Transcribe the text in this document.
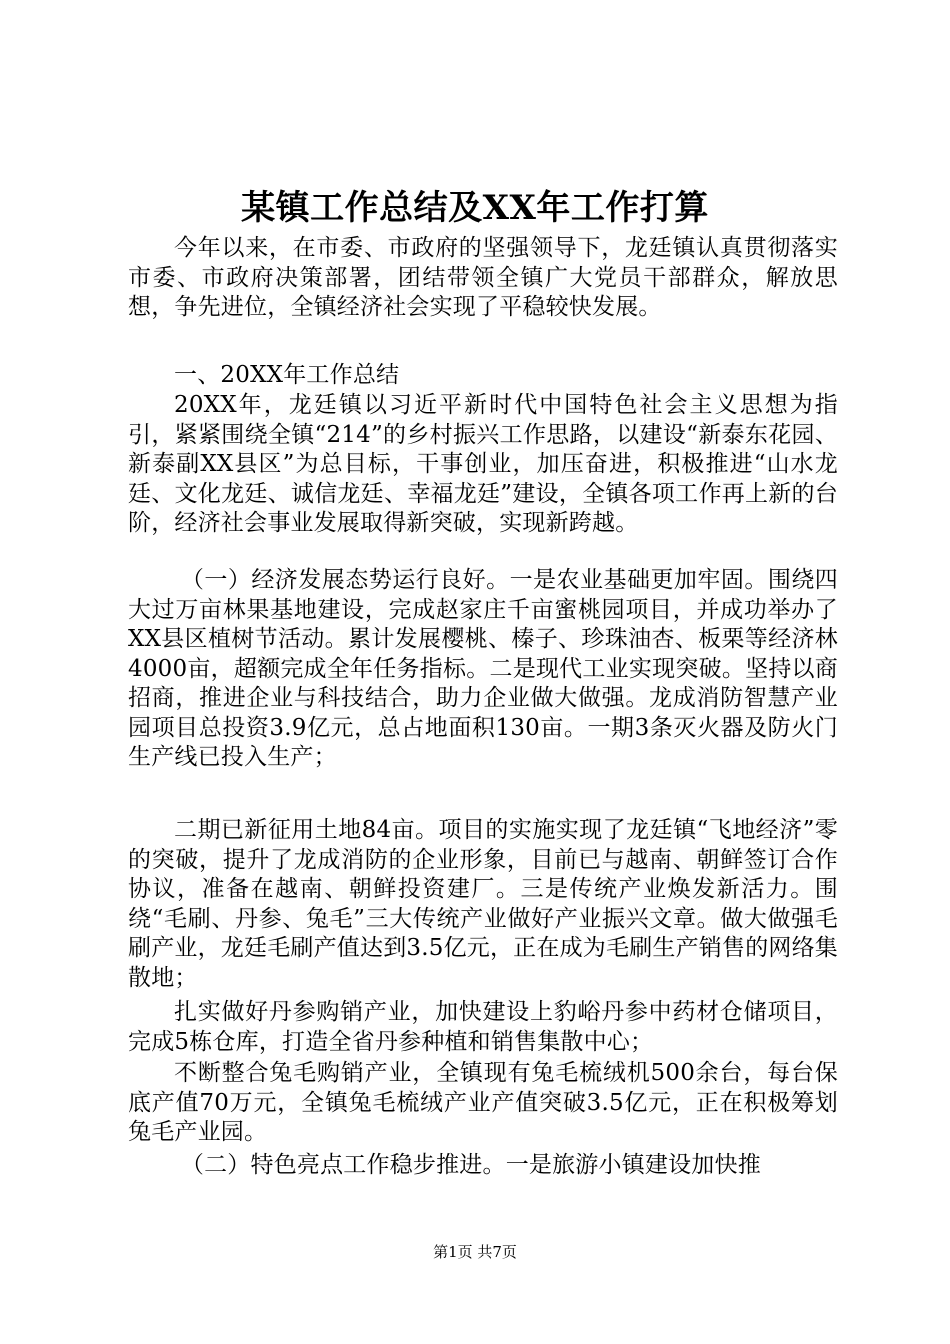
某镇工作总结及XX年工作打算
今年以来，在市委、市政府的坚强领导下，龙廷镇认真贯彻落实市委、市政府决策部署，团结带领全镇广大党员干部群众，解放思想，争先进位，全镇经济社会实现了平稳较快发展。
一、20XX年工作总结
20XX年，龙廷镇以习近平新时代中国特色社会主义思想为指引，紧紧围绕全镇“214”的乡村振兴工作思路，以建设“新泰东花园、新泰副XX县区”为总目标，干事创业，加压奋进，积极推进“山水龙廷、文化龙廷、诚信龙廷、幸福龙廷”建设，全镇各项工作再上新的台阶，经济社会事业发展取得新突破，实现新跨越。
（一）经济发展态势运行良好。一是农业基础更加牢固。围绕四大过万亩林果基地建设，完成赵家庄千亩蜜桃园项目，并成功举办了XX县区植树节活动。累计发展樱桃、榛子、珍珠油杏、板栗等经济林4000亩，超额完成全年任务指标。二是现代工业实现突破。坚持以商招商，推进企业与科技结合，助力企业做大做强。龙成消防智慧产业园项目总投资3.9亿元，总占地面积130亩。一期3条灭火器及防火门生产线已投入生产；
二期已新征用土地84亩。项目的实施实现了龙廷镇“飞地经济”零的突破，提升了龙成消防的企业形象，目前已与越南、朝鲜签订合作协议，准备在越南、朝鲜投资建厂。三是传统产业焕发新活力。围绕“毛刷、丹参、兔毛”三大传统产业做好产业振兴文章。做大做强毛刷产业，龙廷毛刷产值达到3.5亿元，正在成为毛刷生产销售的网络集散地；
扎实做好丹参购销产业，加快建设上豹峪丹参中药材仓储项目，完成5栋仓库，打造全省丹参种植和销售集散中心；
不断整合兔毛购销产业，全镇现有兔毛梳绒机500余台，每台保底产值70万元，全镇兔毛梳绒产业产值突破3.5亿元，正在积极筹划兔毛产业园。
（二）特色亮点工作稳步推进。一是旅游小镇建设加快推
第1页 共7页
